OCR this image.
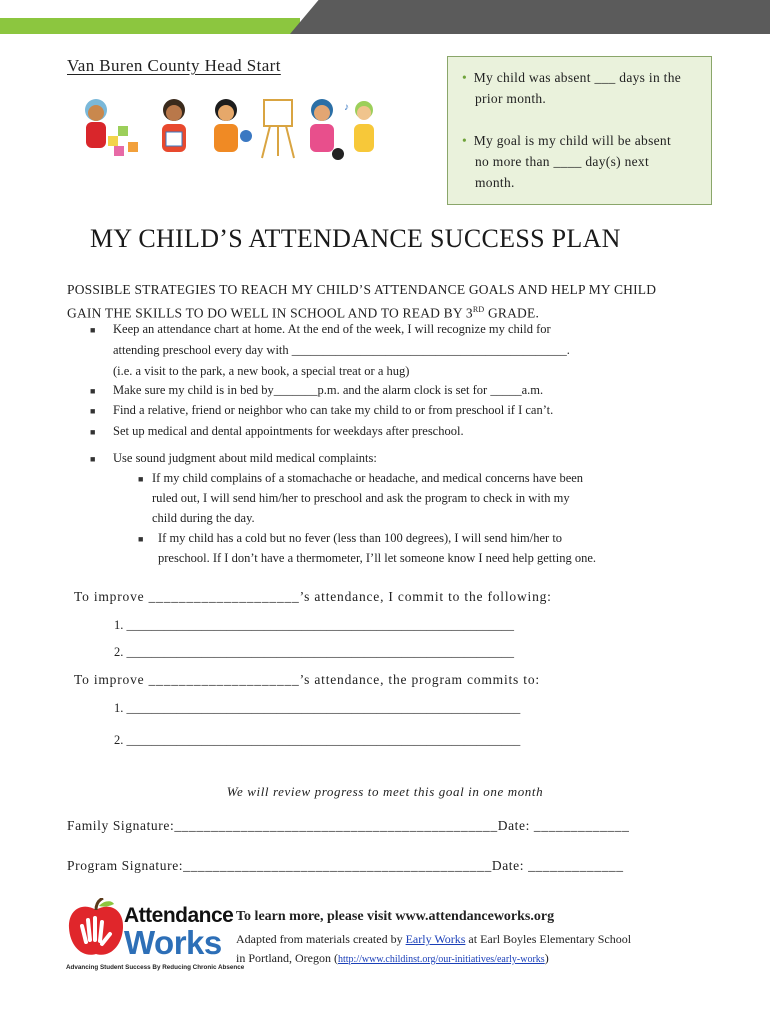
Van Buren County Head Start
♪
• My child was absent ___ days in the
prior month.
• My goal is my child will be absent
no more than ____ day(s) next
month.
MY CHILD’S ATTENDANCE SUCCESS PLAN
POSSIBLE STRATEGIES TO REACH MY CHILD’S ATTENDANCE GOALS AND HELP MY CHILD
GAIN THE SKILLS TO DO WELL IN SCHOOL AND TO READ BY 3RD GRADE.
■ Keep an attendance chart at home. At the end of the week, I will recognize my child for
attending preschool every day with ____________________________________________.
(i.e. a visit to the park, a new book, a special treat or a hug)
■ Make sure my child is in bed by_______p.m. and the alarm clock is set for _____a.m.
■ Find a relative, friend or neighbor who can take my child to or from preschool if I can’t.
■ Set up medical and dental appointments for weekdays after preschool.
■ Use sound judgment about mild medical complaints:
■ If my child complains of a stomachache or headache, and medical concerns have been
ruled out, I will send him/her to preschool and ask the program to check in with my
child during the day.
■ If my child has a cold but no fever (less than 100 degrees), I will send him/her to
preschool. If I don’t have a thermometer, I’ll let someone know I need help getting one.
To improve ____________________’s attendance, I commit to the following:
1. ______________________________________________________________
2. ______________________________________________________________
To improve ____________________’s attendance, the program commits to:
1. _______________________________________________________________
2. _______________________________________________________________
We will review progress to meet this goal in one month
Family Signature:____________________________________________Date: _____________
Program Signature:__________________________________________Date: _____________
Attendance
Works
Advancing Student Success By Reducing Chronic Absence
To learn more, please visit www.attendanceworks.org
Adapted from materials created by Early Works at Earl Boyles Elementary School
in Portland, Oregon (http://www.childinst.org/our-initiatives/early-works)
